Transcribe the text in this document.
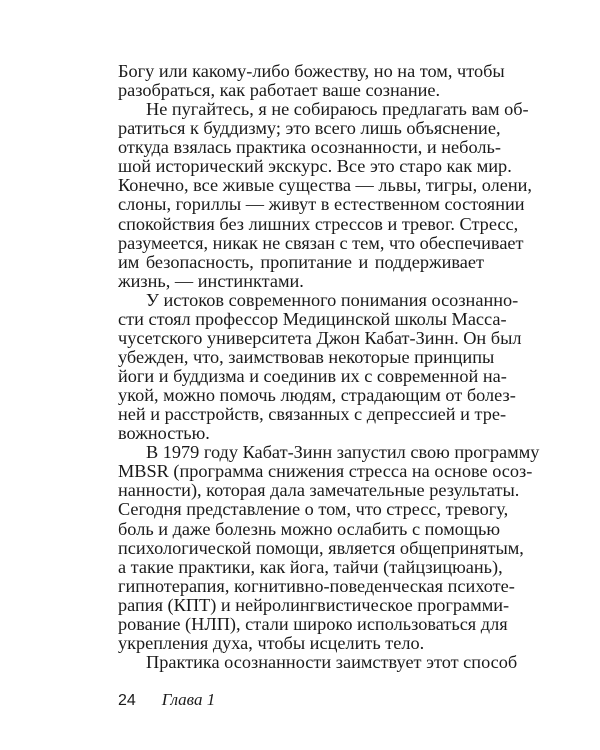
Богу или какому-либо божеству, но на том, чтобы
разобраться, как работает ваше сознание.
Не пугайтесь, я не собираюсь предлагать вам об-
ратиться к буддизму; это всего лишь объяснение,
откуда взялась практика осознанности, и неболь-
шой исторический экскурс. Все это старо как мир.
Конечно, все живые существа — львы, тигры, олени,
слоны, гориллы — живут в естественном состоянии
спокойствия без лишних стрессов и тревог. Стресс,
разумеется, никак не связан с тем, что обеспечивает
им безопасность, пропитание и поддерживает
жизнь, — инстинктами.
У истоков современного понимания осознанно-
сти стоял профессор Медицинской школы Масса-
чусетского университета Джон Кабат-Зинн. Он был
убежден, что, заимствовав некоторые принципы
йоги и буддизма и соединив их с современной на-
укой, можно помочь людям, страдающим от болез-
ней и расстройств, связанных с депрессией и тре-
вожностью.
В 1979 году Кабат-Зинн запустил свою программу
MBSR (программа снижения стресса на основе осоз-
нанности), которая дала замечательные результаты.
Сегодня представление о том, что стресс, тревогу,
боль и даже болезнь можно ослабить с помощью
психологической помощи, является общепринятым,
а такие практики, как йога, тайчи (тайцзицюань),
гипнотерапия, когнитивно-поведенческая психоте-
рапия (КПТ) и нейролингвистическое программи-
рование (НЛП), стали широко использоваться для
укрепления духа, чтобы исцелить тело.
Практика осознанности заимствует этот способ
24 Глава 1
